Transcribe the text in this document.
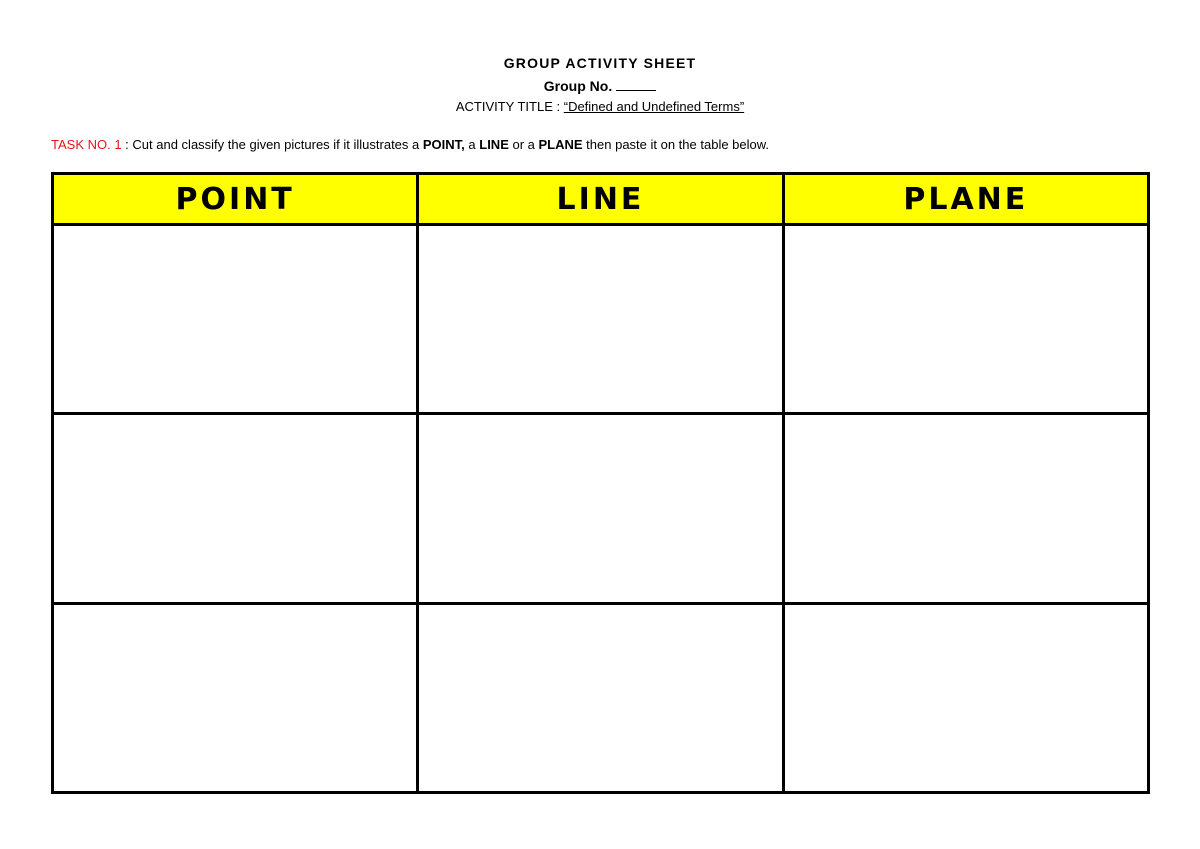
GROUP ACTIVITY SHEET
Group No.
ACTIVITY TITLE : “Defined and Undefined Terms”
TASK NO. 1 : Cut and classify the given pictures if it illustrates a POINT, a LINE or a PLANE then paste it on the table below.
POINT	LINE	PLANE
